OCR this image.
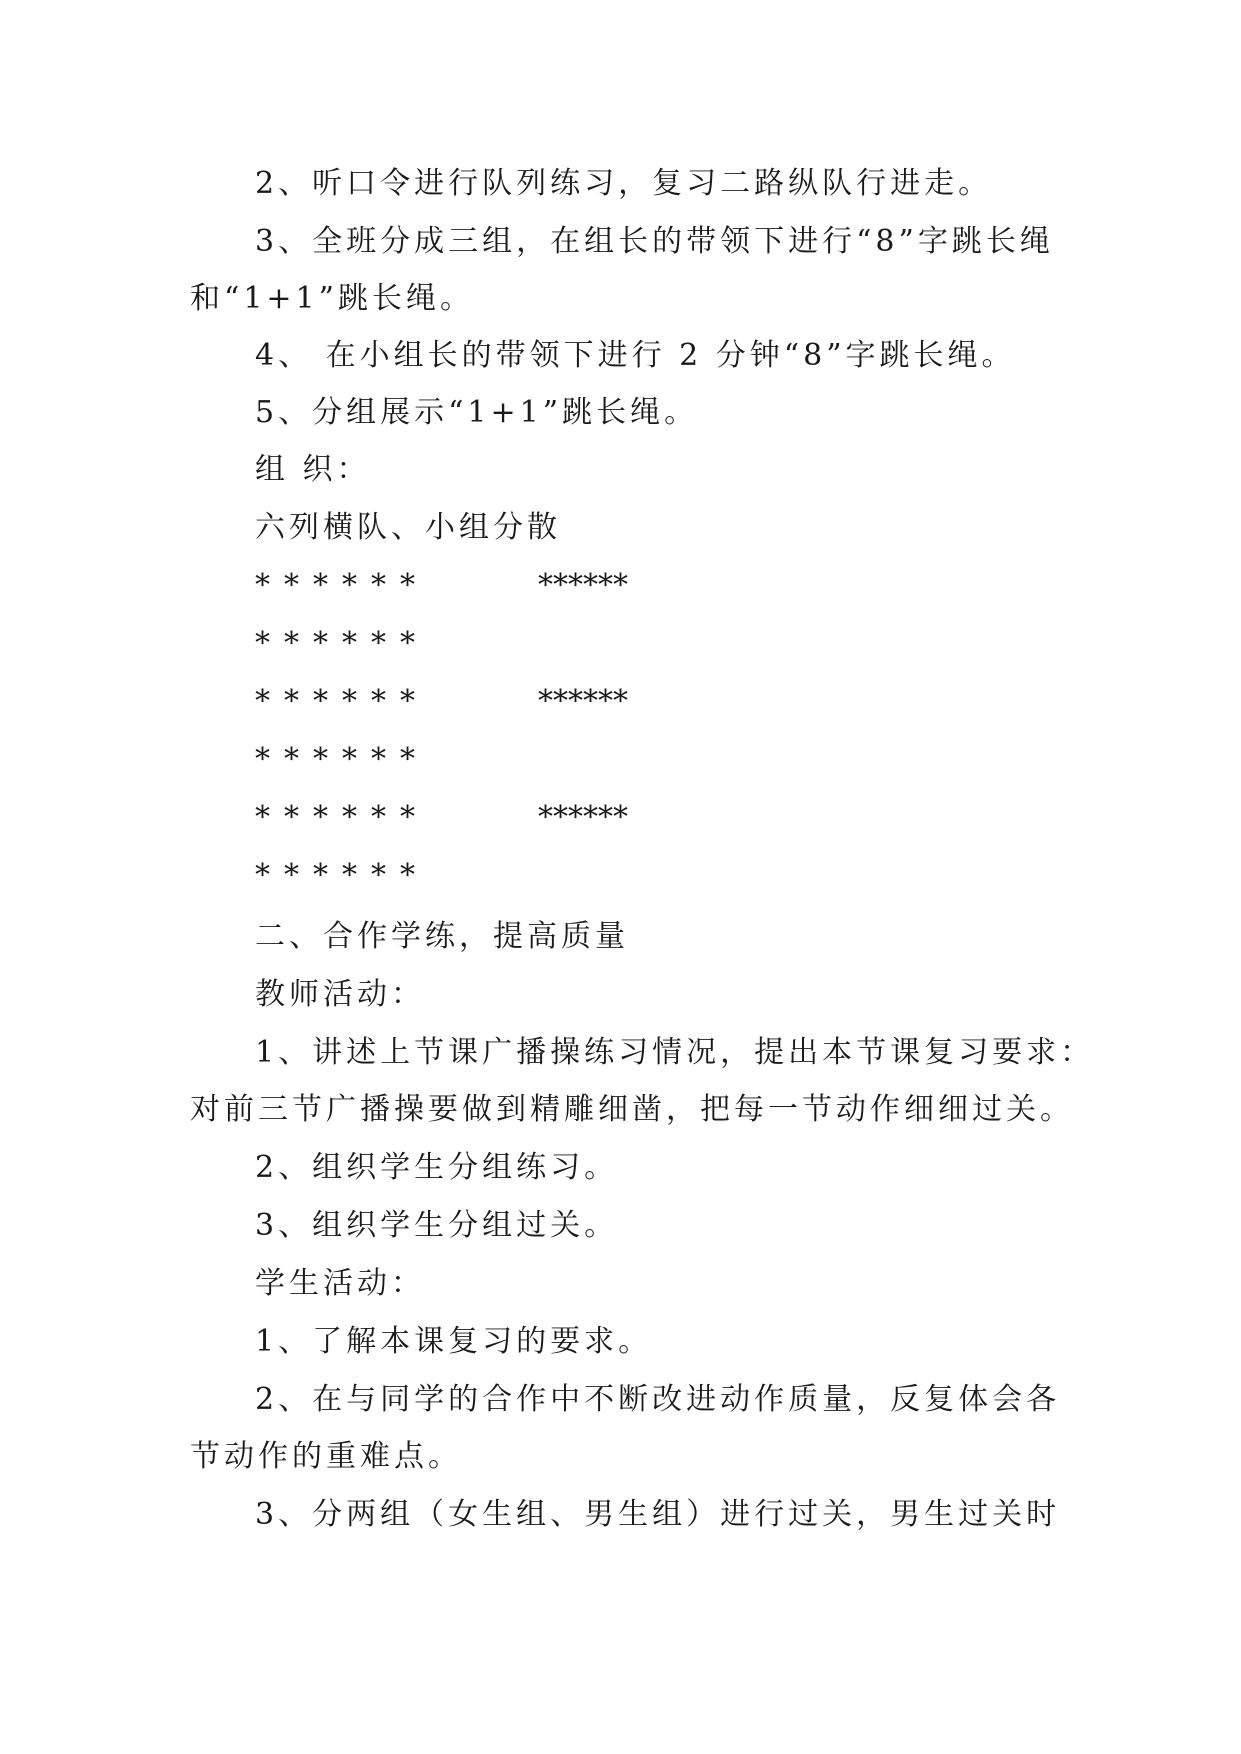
2、听口令进行队列练习，复习二路纵队行进走。
3、全班分成三组，在组长的带领下进行“8”字跳长绳
和“1+1”跳长绳。
4、 在小组长的带领下进行 2 分钟“8”字跳长绳。
5、分组展示“1+1”跳长绳。
组 织：
六列横队、小组分散
******	******
******
******	******
******
******	******
******
二、合作学练，提高质量
教师活动：
1、讲述上节课广播操练习情况，提出本节课复习要求：
对前三节广播操要做到精雕细凿，把每一节动作细细过关。
2、组织学生分组练习。
3、组织学生分组过关。
学生活动：
1、了解本课复习的要求。
2、在与同学的合作中不断改进动作质量，反复体会各
节动作的重难点。
3、分两组（女生组、男生组）进行过关，男生过关时
